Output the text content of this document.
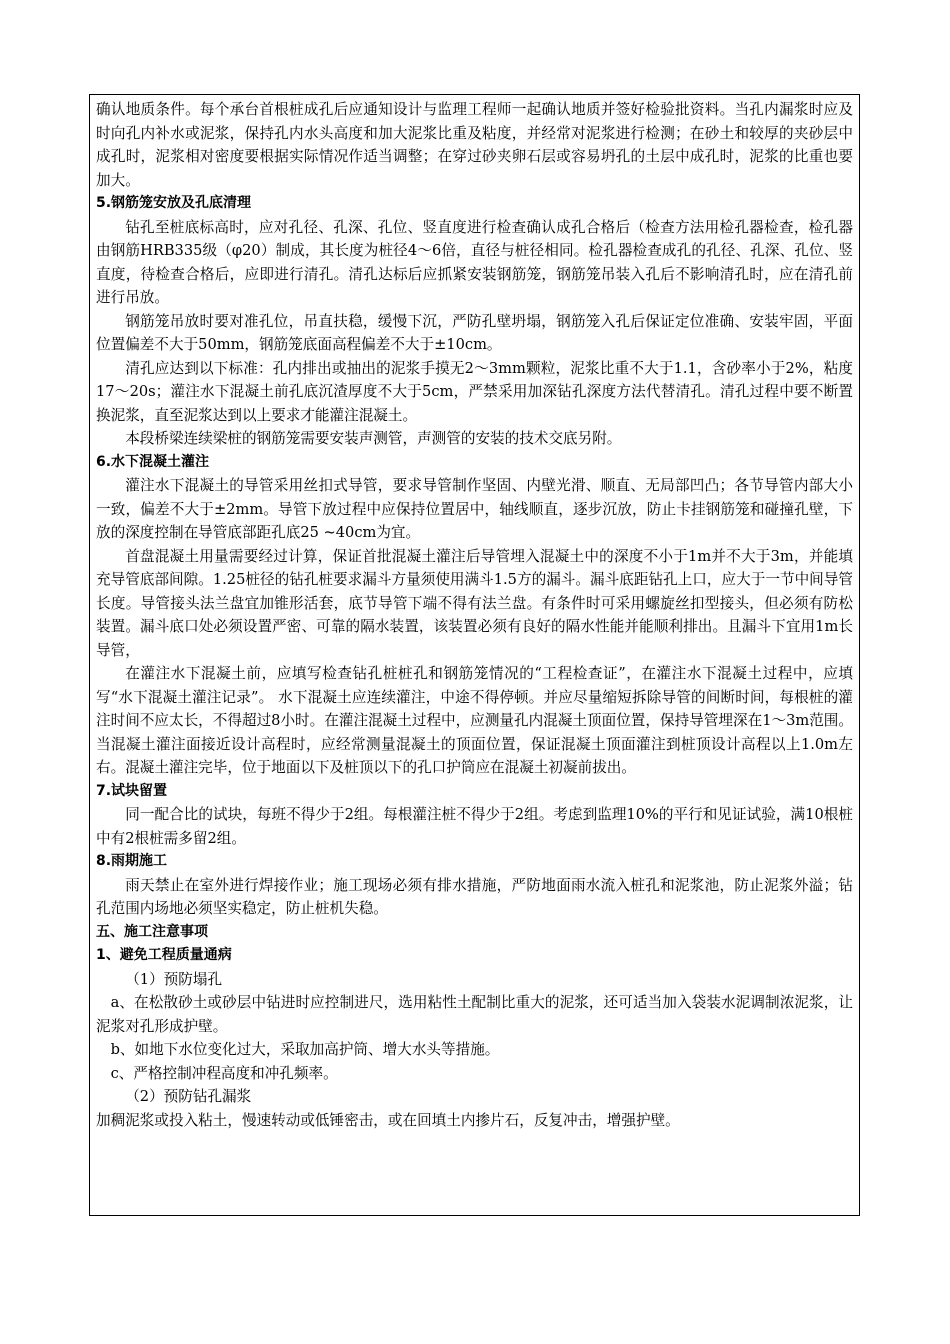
确认地质条件。每个承台首根桩成孔后应通知设计与监理工程师一起确认地质并签好检验批资料。当孔内漏浆时应及时向孔内补水或泥浆，保持孔内水头高度和加大泥浆比重及粘度，并经常对泥浆进行检测；在砂土和较厚的夹砂层中成孔时，泥浆相对密度要根据实际情况作适当调整；在穿过砂夹卵石层或容易坍孔的土层中成孔时，泥浆的比重也要加大。

5.钢筋笼安放及孔底清理

钻孔至桩底标高时，应对孔径、孔深、孔位、竖直度进行检查确认成孔合格后（检查方法用检孔器检查，检孔器由钢筋HRB335级（φ20）制成，其长度为桩径4～6倍，直径与桩径相同。检孔器检查成孔的孔径、孔深、孔位、竖直度，待检查合格后，应即进行清孔。清孔达标后应抓紧安装钢筋笼，钢筋笼吊装入孔后不影响清孔时，应在清孔前进行吊放。

钢筋笼吊放时要对准孔位，吊直扶稳，缓慢下沉，严防孔壁坍塌，钢筋笼入孔后保证定位准确、安装牢固，平面位置偏差不大于50mm，钢筋笼底面高程偏差不大于±10cm。

清孔应达到以下标准：孔内排出或抽出的泥浆手摸无2～3mm颗粒，泥浆比重不大于1.1，含砂率小于2%，粘度17～20s；灌注水下混凝土前孔底沉渣厚度不大于5cm，严禁采用加深钻孔深度方法代替清孔。清孔过程中要不断置换泥浆，直至泥浆达到以上要求才能灌注混凝土。

本段桥梁连续梁桩的钢筋笼需要安装声测管，声测管的安装的技术交底另附。

6.水下混凝土灌注

灌注水下混凝土的导管采用丝扣式导管，要求导管制作坚固、内壁光滑、顺直、无局部凹凸；各节导管内部大小一致，偏差不大于±2mm。导管下放过程中应保持位置居中，轴线顺直，逐步沉放，防止卡挂钢筋笼和碰撞孔壁，下放的深度控制在导管底部距孔底25 ~40cm为宜。

首盘混凝土用量需要经过计算，保证首批混凝土灌注后导管埋入混凝土中的深度不小于1m并不大于3m，并能填充导管底部间隙。1.25桩径的钻孔桩要求漏斗方量须使用满斗1.5方的漏斗。漏斗底距钻孔上口，应大于一节中间导管长度。导管接头法兰盘宜加锥形活套，底节导管下端不得有法兰盘。有条件时可采用螺旋丝扣型接头，但必须有防松装置。漏斗底口处必须设置严密、可靠的隔水装置，该装置必须有良好的隔水性能并能顺利排出。且漏斗下宜用1m长导管，

在灌注水下混凝土前，应填写检查钻孔桩桩孔和钢筋笼情况的“工程检查证”，在灌注水下混凝土过程中，应填写“水下混凝土灌注记录”。 水下混凝土应连续灌注，中途不得停顿。并应尽量缩短拆除导管的间断时间，每根桩的灌注时间不应太长，不得超过8小时。在灌注混凝土过程中，应测量孔内混凝土顶面位置，保持导管埋深在1～3m范围。当混凝土灌注面接近设计高程时，应经常测量混凝土的顶面位置，保证混凝土顶面灌注到桩顶设计高程以上1.0m左右。混凝土灌注完毕，位于地面以下及桩顶以下的孔口护筒应在混凝土初凝前拔出。

7.试块留置

同一配合比的试块，每班不得少于2组。每根灌注桩不得少于2组。考虑到监理10%的平行和见证试验，满10根桩中有2根桩需多留2组。

8.雨期施工

雨天禁止在室外进行焊接作业；施工现场必须有排水措施，严防地面雨水流入桩孔和泥浆池，防止泥浆外溢；钻孔范围内场地必须坚实稳定，防止桩机失稳。

五、施工注意事项

1、避免工程质量通病

（1）预防塌孔

a、在松散砂土或砂层中钻进时应控制进尺，选用粘性土配制比重大的泥浆，还可适当加入袋装水泥调制浓泥浆，让泥浆对孔形成护壁。

b、如地下水位变化过大，采取加高护筒、增大水头等措施。

c、严格控制冲程高度和冲孔频率。

（2）预防钻孔漏浆

加稠泥浆或投入粘土，慢速转动或低锤密击，或在回填土内掺片石，反复冲击，增强护壁。
